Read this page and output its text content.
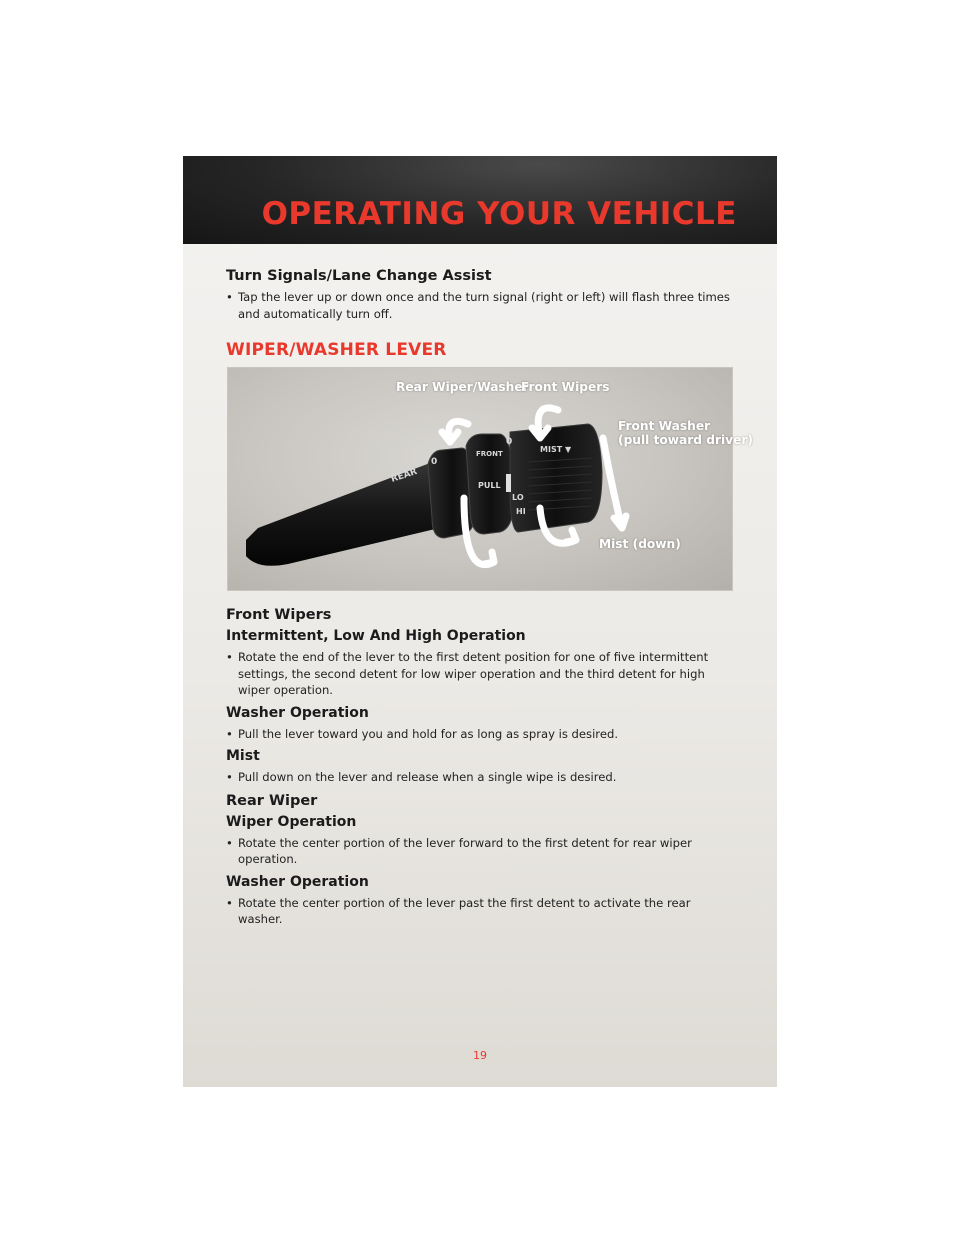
OPERATING YOUR VEHICLE
Turn Signals/Lane Change Assist

• Tap the lever up or down once and the turn signal (right or left) will flash three times and automatically turn off.

WIPER/WASHER LEVER
REAR
0
FRONT
PULL
0
LO
HI
MIST ▼

Rear Wiper/Washer

Front Wipers

Front Washer

(pull toward driver)

Mist (down)

Front Wipers
Intermittent, Low And High Operation

• Rotate the end of the lever to the first detent position for one of five intermittent settings, the second detent for low wiper operation and the third detent for high wiper operation.

Washer Operation

• Pull the lever toward you and hold for as long as spray is desired.

Mist

• Pull down on the lever and release when a single wipe is desired.

Rear Wiper
Wiper Operation

• Rotate the center portion of the lever forward to the first detent for rear wiper operation.

Washer Operation

• Rotate the center portion of the lever past the first detent to activate the rear washer.

19
